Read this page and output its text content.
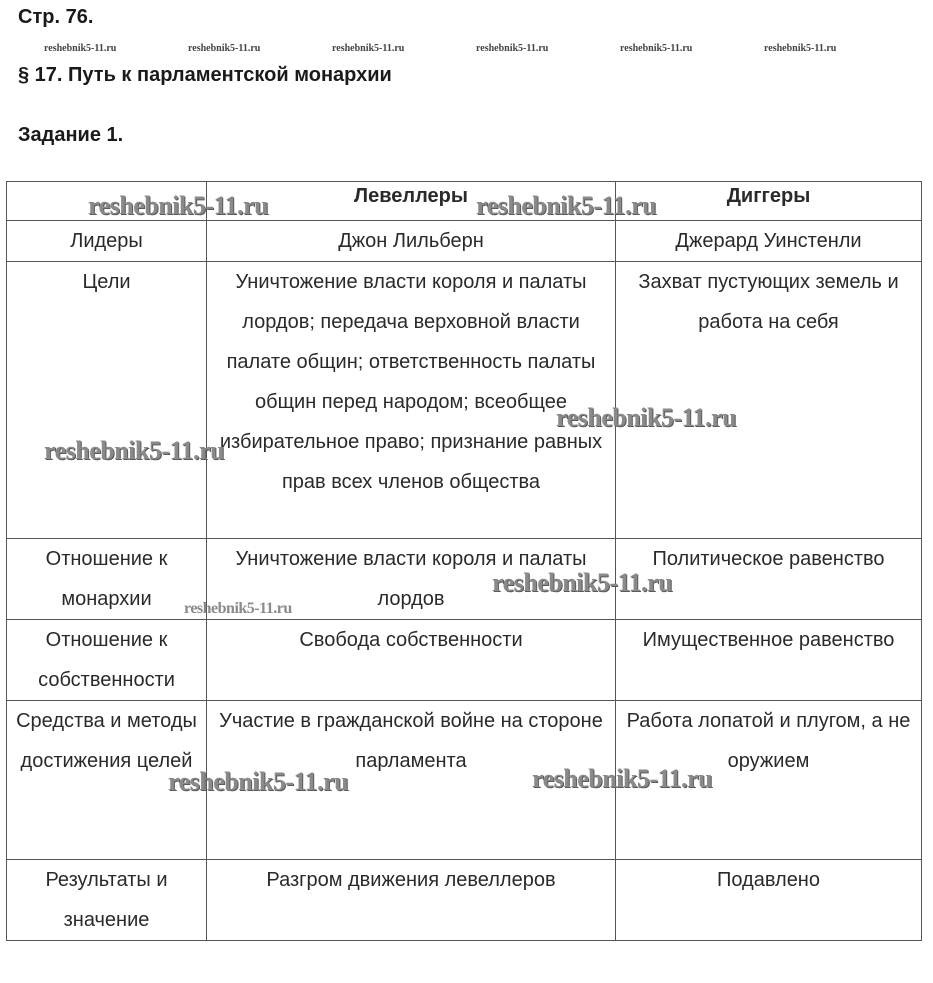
Стр. 76.
reshebnik5-11.ru	reshebnik5-11.ru	reshebnik5-11.ru	reshebnik5-11.ru	reshebnik5-11.ru	reshebnik5-11.ru
§ 17. Путь к парламентской монархии
Задание 1.
	Левеллеры	Диггеры
Лидеры	Джон Лильберн	Джерард Уинстенли
Цели	Уничтожение власти короля и палаты лордов; передача верховной власти палате общин; ответственность палаты общин перед народом; всеобщее избирательное право; признание равных прав всех членов общества	Захват пустующих земель и работа на себя
Отношение к монархии	Уничтожение власти короля и палаты лордов	Политическое равенство
Отношение к собственности	Свобода собственности	Имущественное равенство
Средства и методы достижения целей	Участие в гражданской войне на стороне парламента	Работа лопатой и плугом, а не оружием
Результаты и значение	Разгром движения левеллеров	Подавлено
reshebnik5-11.ru	reshebnik5-11.ru
reshebnik5-11.ru
reshebnik5-11.ru
reshebnik5-11.ru
reshebnik5-11.ru
reshebnik5-11.ru	reshebnik5-11.ru
